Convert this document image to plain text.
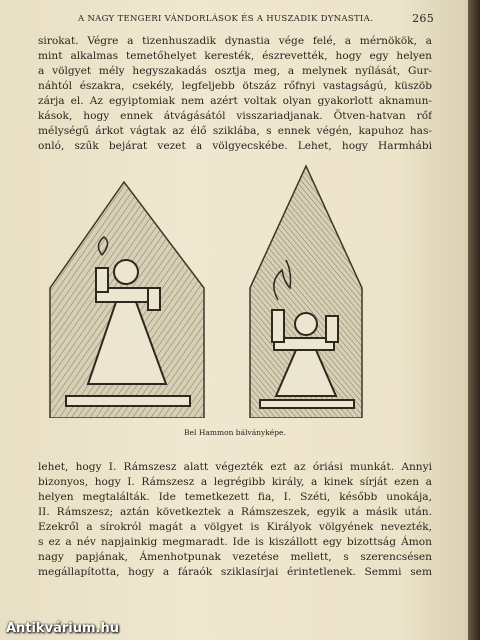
A NAGY TENGERI VÁNDORLÁSOK ÉS A HUSZADIK DYNASTIA.	265
sirokat. Végre a tizenhuszadik dynastia vége felé, a mérnökök, a
mint alkalmas temetőhelyet keresték, észrevették, hogy egy helyen
a völgyet mély hegyszakadás osztja meg, a melynek nyílását, Gur-
náhtól északra, csekély, legfeljebb ötszáz rőfnyi vastagságú, küszöb
zárja el. Az egyiptomiak nem azért voltak olyan gyakorlott aknamun-
kások, hogy ennek átvágásától visszariadjanak. Ötven-hatvan rőf
mélységű árkot vágtak az élő sziklába, s ennek végén, kapuhoz has-
onló, szűk bejárat vezet a völgyecskébe. Lehet, hogy Harmhábi
Bel Hammon bálványképe.
lehet, hogy I. Rámszesz alatt végezték ezt az óriási munkát. Annyi
bizonyos, hogy I. Rámszesz a legrégibb király, a kinek sírját ezen a
helyen megtalálták. Ide temetkezett fia, I. Széti, később unokája,
II. Rámszesz; aztán következtek a Rámszeszek, egyik a másik után.
Ezekről a sírokról magát a völgyet is Királyok völgyének nevezték,
s ez a név napjainkig megmaradt. Ide is kiszállott egy bizottság Ámon
nagy papjának, Ámenhotpunak vezetése mellett, s szerencsésen
megállapította, hogy a fáraók sziklasírjai érintetlenek. Semmi sem
Antikvárium.hu
